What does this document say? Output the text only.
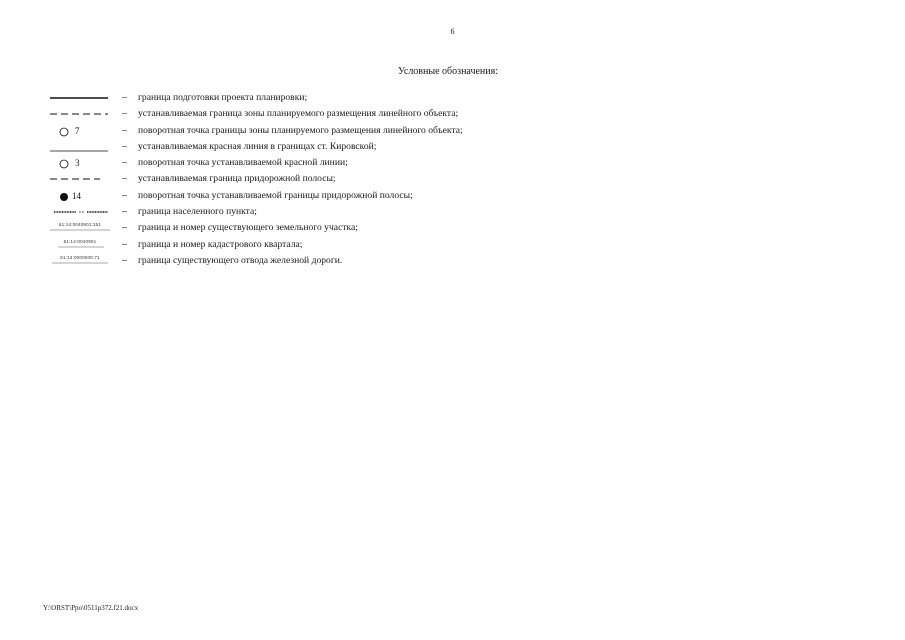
6
Условные обозначения:
– граница подготовки проекта планировки;
– устанавливаемая граница зоны планируемого размещения линейного объекта;
7	– поворотная точка границы зоны планируемого размещения линейного объекта;
– устанавливаемая красная линия в границах ст. Кировской;
3	– поворотная точка устанавливаемой красной линии;
– устанавливаемая граница придорожной полосы;
14	– поворотная точка устанавливаемой границы придорожной полосы;
– граница населенного пункта;
61:14:0040901:251	– граница и номер существующего земельного участка;
61:14:0040901	– граница и номер кадастрового квартала;
61:14:0000000:71	– граница существующего отвода железной дороги.
Y:\ORST\Ppo\0511p372.f21.docx
